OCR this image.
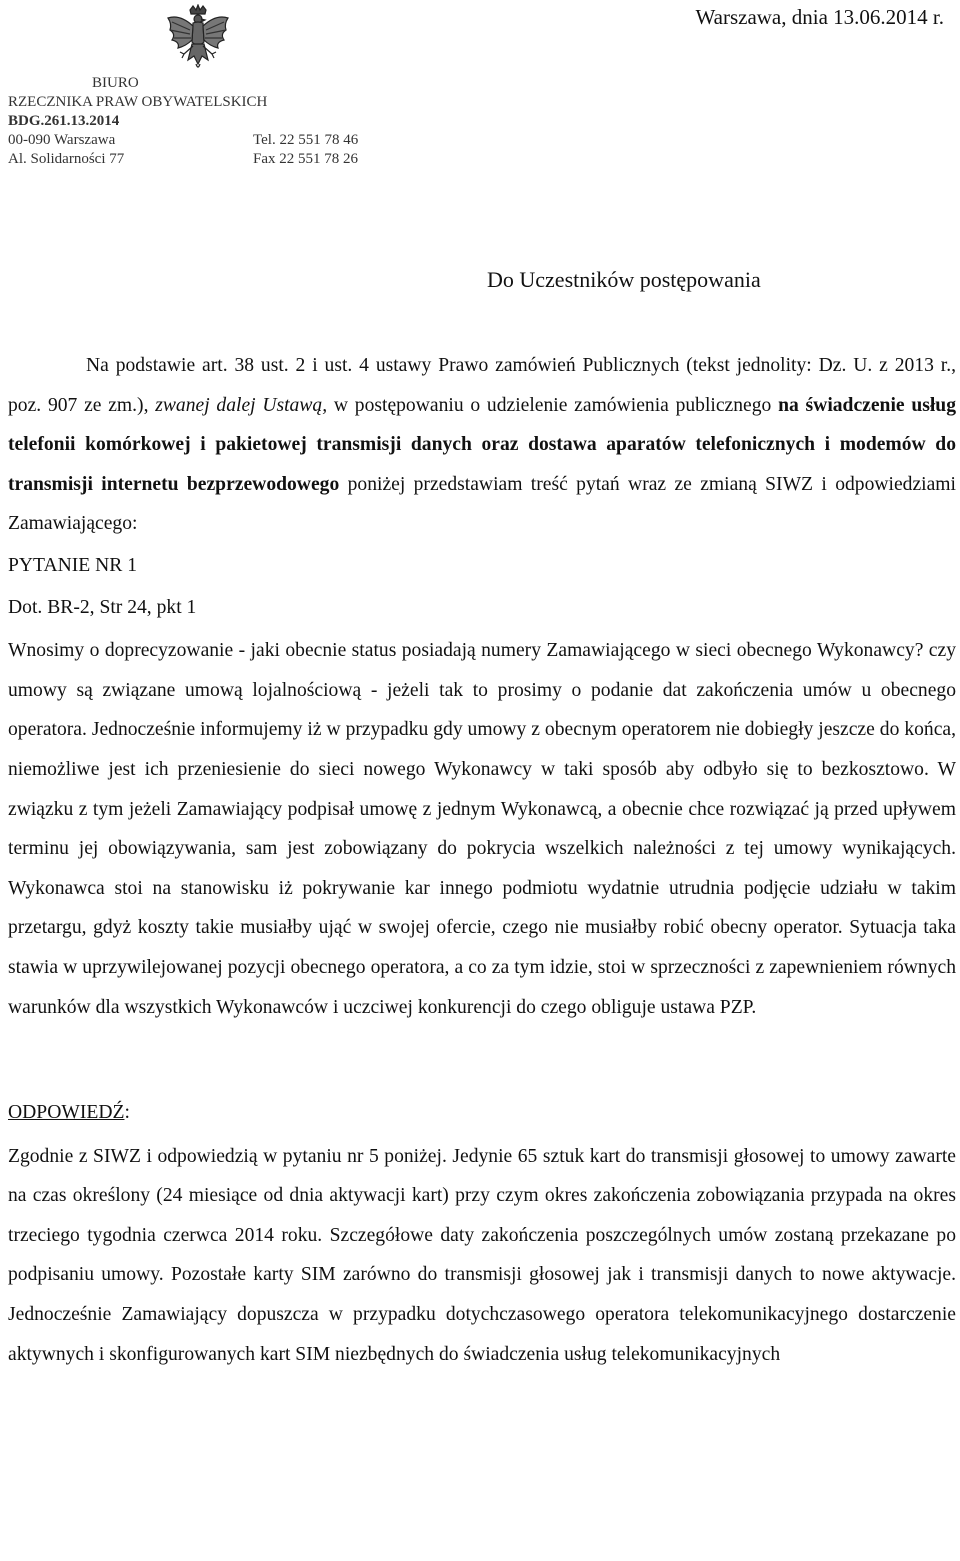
Warszawa, dnia 13.06.2014 r.
BIURO
RZECZNIKA PRAW OBYWATELSKICH
BDG.261.13.2014
00-090 Warszawa	Tel. 22 551 78 46
Al. Solidarności 77	Fax 22 551 78 26
Do Uczestników postępowania

Na podstawie art. 38 ust. 2 i ust. 4 ustawy Prawo zamówień Publicznych (tekst jednolity: Dz. U. z 2013 r., poz. 907 ze zm.), zwanej dalej Ustawą, w postępowaniu o udzielenie zamówienia publicznego na świadczenie usług telefonii komórkowej i pakietowej transmisji danych oraz dostawa aparatów telefonicznych i modemów do transmisji internetu bezprzewodowego poniżej przedstawiam treść pytań wraz ze zmianą SIWZ i odpowiedziami Zamawiającego:

PYTANIE NR 1

Dot. BR-2, Str 24, pkt 1

Wnosimy o doprecyzowanie - jaki obecnie status posiadają numery Zamawiającego w sieci obecnego Wykonawcy? czy umowy są związane umową lojalnościową - jeżeli tak to prosimy o podanie dat zakończenia umów u obecnego operatora. Jednocześnie informujemy iż w przypadku gdy umowy z obecnym operatorem nie dobiegły jeszcze do końca, niemożliwe jest ich przeniesienie do sieci nowego Wykonawcy w taki sposób aby odbyło się to bezkosztowo. W związku z tym jeżeli Zamawiający podpisał umowę z jednym Wykonawcą, a obecnie chce rozwiązać ją przed upływem terminu jej obowiązywania, sam jest zobowiązany do pokrycia wszelkich należności z tej umowy wynikających. Wykonawca stoi na stanowisku iż pokrywanie kar innego podmiotu wydatnie utrudnia podjęcie udziału w takim przetargu, gdyż koszty takie musiałby ująć w swojej ofercie, czego nie musiałby robić obecny operator. Sytuacja taka stawia w uprzywilejowanej pozycji obecnego operatora, a co za tym idzie, stoi w sprzeczności z zapewnieniem równych warunków dla wszystkich Wykonawców i uczciwej konkurencji do czego obliguje ustawa PZP.

ODPOWIEDŹ:

Zgodnie z SIWZ i odpowiedzią w pytaniu nr 5 poniżej. Jedynie 65 sztuk kart do transmisji głosowej to umowy zawarte na czas określony (24 miesiące od dnia aktywacji kart) przy czym okres zakończenia zobowiązania przypada na okres trzeciego tygodnia czerwca 2014 roku. Szczegółowe daty zakończenia poszczególnych umów zostaną przekazane po podpisaniu umowy. Pozostałe karty SIM zarówno do transmisji głosowej jak i transmisji danych to nowe aktywacje. Jednocześnie Zamawiający dopuszcza w przypadku dotychczasowego operatora telekomunikacyjnego dostarczenie aktywnych i skonfigurowanych kart SIM niezbędnych do świadczenia usług telekomunikacyjnych
